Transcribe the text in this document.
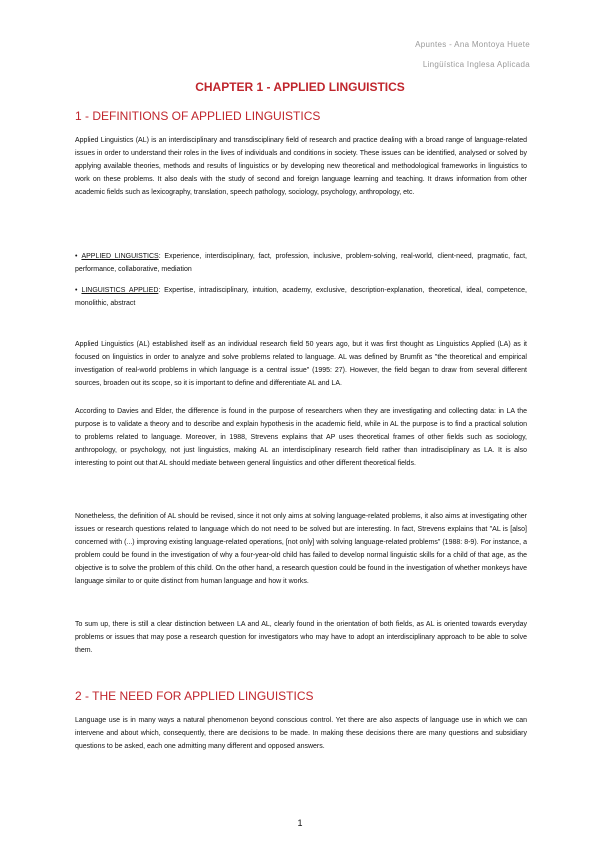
Apuntes - Ana Montoya Huete
Lingüística Inglesa Aplicada
CHAPTER 1 - APPLIED LINGUISTICS
1 - DEFINITIONS OF APPLIED LINGUISTICS

Applied Linguistics (AL) is an interdisciplinary and transdisciplinary field of research and practice dealing with a broad range of language-related issues in order to understand their roles in the lives of individuals and conditions in society. These issues can be identified, analysed or solved by applying available theories, methods and results of linguistics or by developing new theoretical and methodological frameworks in linguistics to work on these problems. It also deals with the study of second and foreign language learning and teaching. It draws information from other academic fields such as lexicography, translation, speech pathology, sociology, psychology, anthropology, etc.

• APPLIED LINGUISTICS: Experience, interdisciplinary, fact, profession, inclusive, problem-solving, real-world, client-need, pragmatic, fact, performance, collaborative, mediation

• LINGUISTICS APPLIED: Expertise, intradisciplinary, intuition, academy, exclusive, description-explanation, theoretical, ideal, competence, monolithic, abstract

Applied Linguistics (AL) established itself as an individual research field 50 years ago, but it was first thought as Linguistics Applied (LA) as it focused on linguistics in order to analyze and solve problems related to language. AL was defined by Brumfit as "the theoretical and empirical investigation of real-world problems in which language is a central issue" (1995: 27). However, the field began to draw from several different sources, broaden out its scope, so it is important to define and differentiate AL and LA.

According to Davies and Elder, the difference is found in the purpose of researchers when they are investigating and collecting data: in LA the purpose is to validate a theory and to describe and explain hypothesis in the academic field, while in AL the purpose is to find a practical solution to problems related to language. Moreover, in 1988, Strevens explains that AP uses theoretical frames of other fields such as sociology, anthropology, or psychology, not just linguistics, making AL an interdisciplinary research field rather than intradisciplinary as LA. It is also interesting to point out that AL should mediate between general linguistics and other different theoretical fields.

Nonetheless, the definition of AL should be revised, since it not only aims at solving language-related problems, it also aims at investigating other issues or research questions related to language which do not need to be solved but are interesting. In fact, Strevens explains that "AL is [also] concerned with (...) improving existing language-related operations, [not only] with solving language-related problems" (1988: 8-9). For instance, a problem could be found in the investigation of why a four-year-old child has failed to develop normal linguistic skills for a child of that age, as the objective is to solve the problem of this child. On the other hand, a research question could be found in the investigation of whether monkeys have language similar to or quite distinct from human language and how it works.

To sum up, there is still a clear distinction between LA and AL, clearly found in the orientation of both fields, as AL is oriented towards everyday problems or issues that may pose a research question for investigators who may have to adopt an interdisciplinary approach to be able to solve them.

2 - THE NEED FOR APPLIED LINGUISTICS

Language use is in many ways a natural phenomenon beyond conscious control. Yet there are also aspects of language use in which we can intervene and about which, consequently, there are decisions to be made. In making these decisions there are many questions and subsidiary questions to be asked, each one admitting many different and opposed answers.

1
